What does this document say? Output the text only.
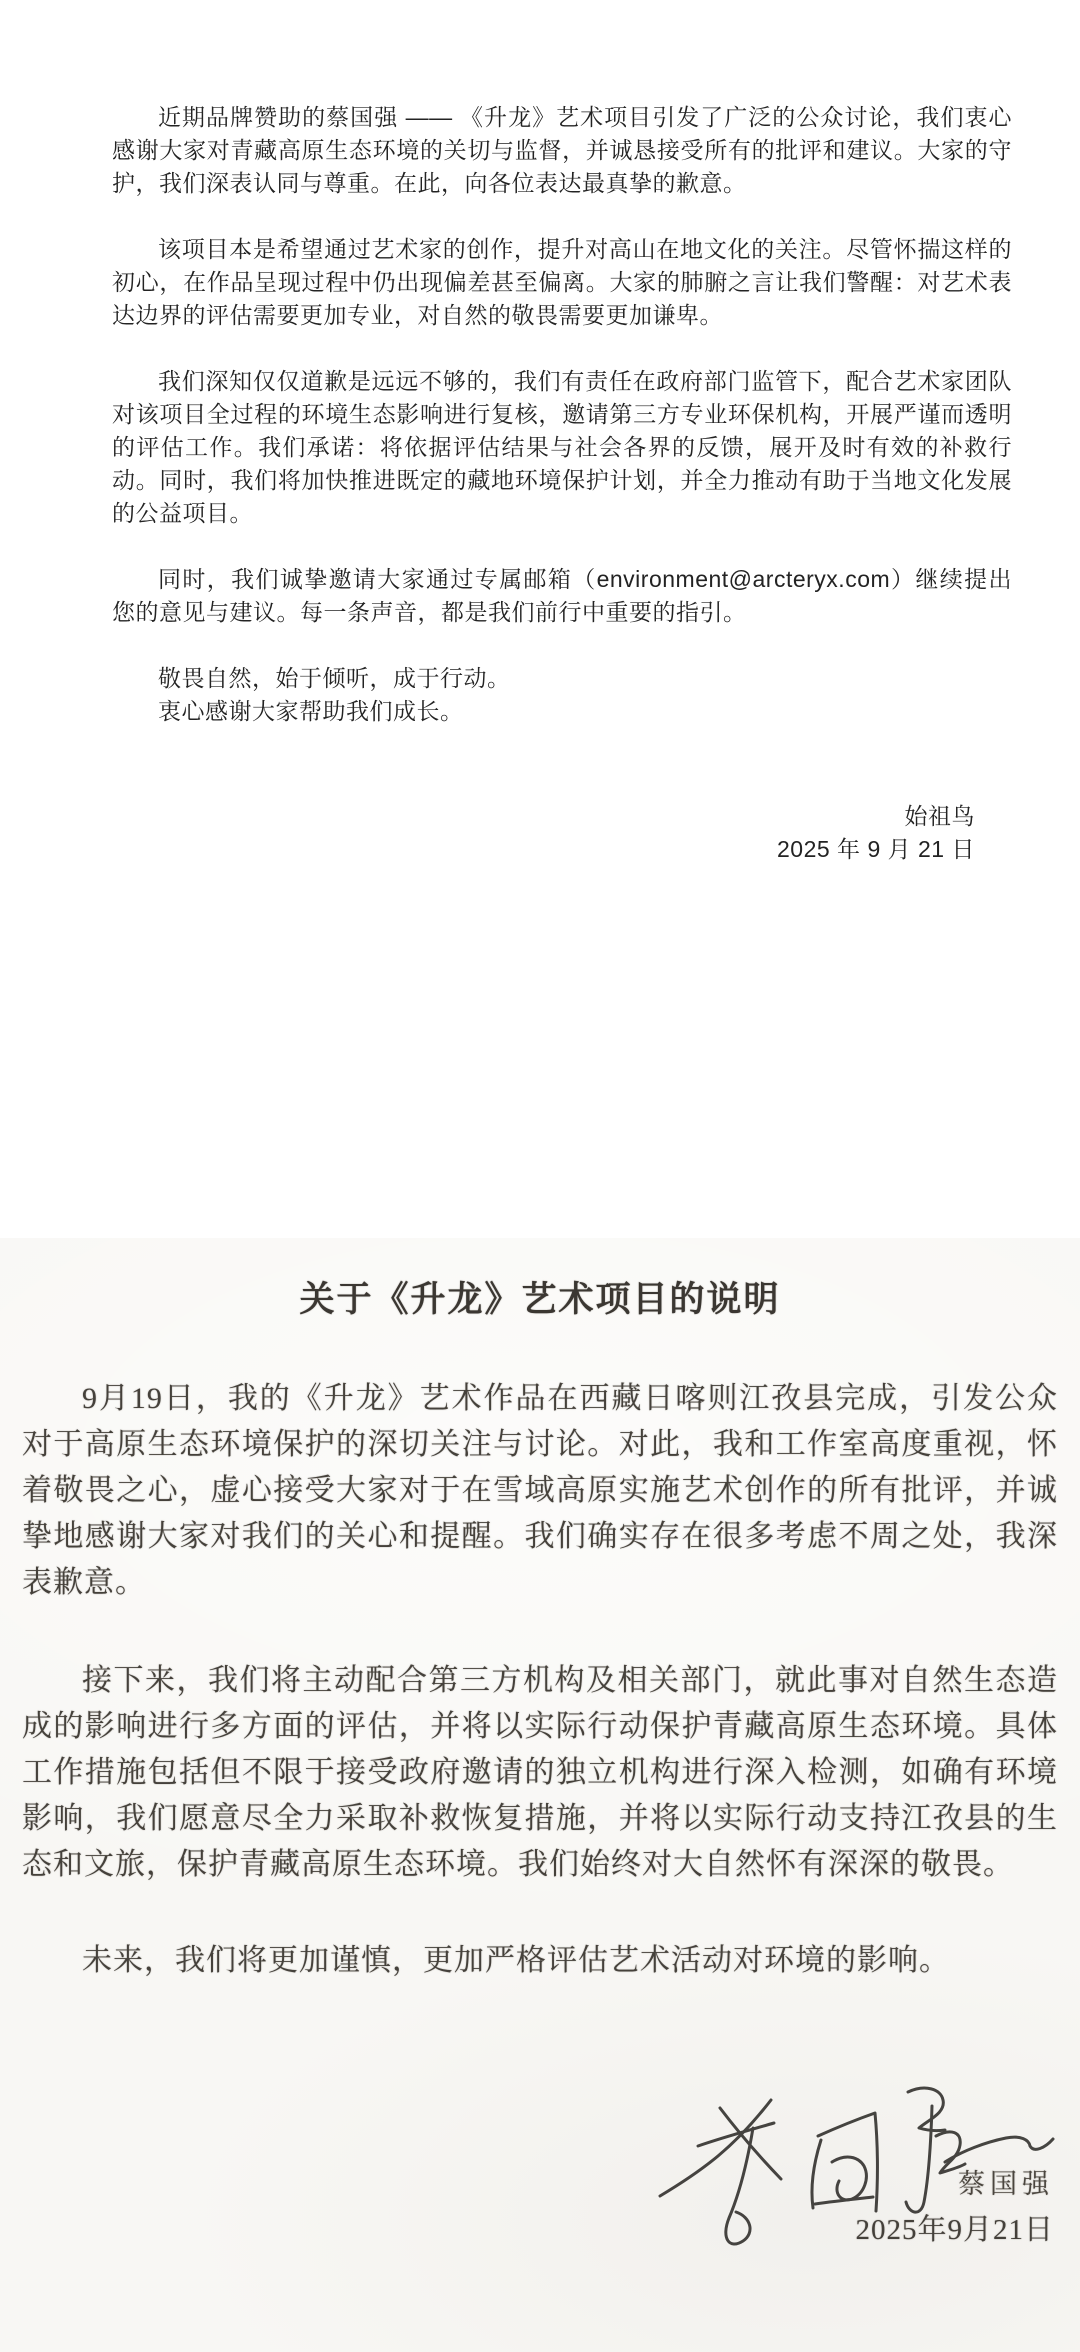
近期品牌赞助的蔡国强 —— 《升龙》艺术项目引发了广泛的公众讨论，我们衷心感谢大家对青藏高原生态环境的关切与监督，并诚恳接受所有的批评和建议。大家的守护，我们深表认同与尊重。在此，向各位表达最真挚的歉意。

该项目本是希望通过艺术家的创作，提升对高山在地文化的关注。尽管怀揣这样的初心，在作品呈现过程中仍出现偏差甚至偏离。大家的肺腑之言让我们警醒：对艺术表达边界的评估需要更加专业，对自然的敬畏需要更加谦卑。

我们深知仅仅道歉是远远不够的，我们有责任在政府部门监管下，配合艺术家团队对该项目全过程的环境生态影响进行复核，邀请第三方专业环保机构，开展严谨而透明的评估工作。我们承诺：将依据评估结果与社会各界的反馈，展开及时有效的补救行动。同时，我们将加快推进既定的藏地环境保护计划，并全力推动有助于当地文化发展的公益项目。

同时，我们诚挚邀请大家通过专属邮箱（environment@arcteryx.com）继续提出您的意见与建议。每一条声音，都是我们前行中重要的指引。

敬畏自然，始于倾听，成于行动。
衷心感谢大家帮助我们成长。
始祖鸟
2025 年 9 月 21 日
关于《升龙》艺术项目的说明

9月19日，我的《升龙》艺术作品在西藏日喀则江孜县完成，引发公众对于高原生态环境保护的深切关注与讨论。对此，我和工作室高度重视，怀着敬畏之心，虚心接受大家对于在雪域高原实施艺术创作的所有批评，并诚挚地感谢大家对我们的关心和提醒。我们确实存在很多考虑不周之处，我深表歉意。

接下来，我们将主动配合第三方机构及相关部门，就此事对自然生态造成的影响进行多方面的评估，并将以实际行动保护青藏高原生态环境。具体工作措施包括但不限于接受政府邀请的独立机构进行深入检测，如确有环境影响，我们愿意尽全力采取补救恢复措施，并将以实际行动支持江孜县的生态和文旅，保护青藏高原生态环境。我们始终对大自然怀有深深的敬畏。

未来，我们将更加谨慎，更加严格评估艺术活动对环境的影响。

蔡国强
2025年9月21日
